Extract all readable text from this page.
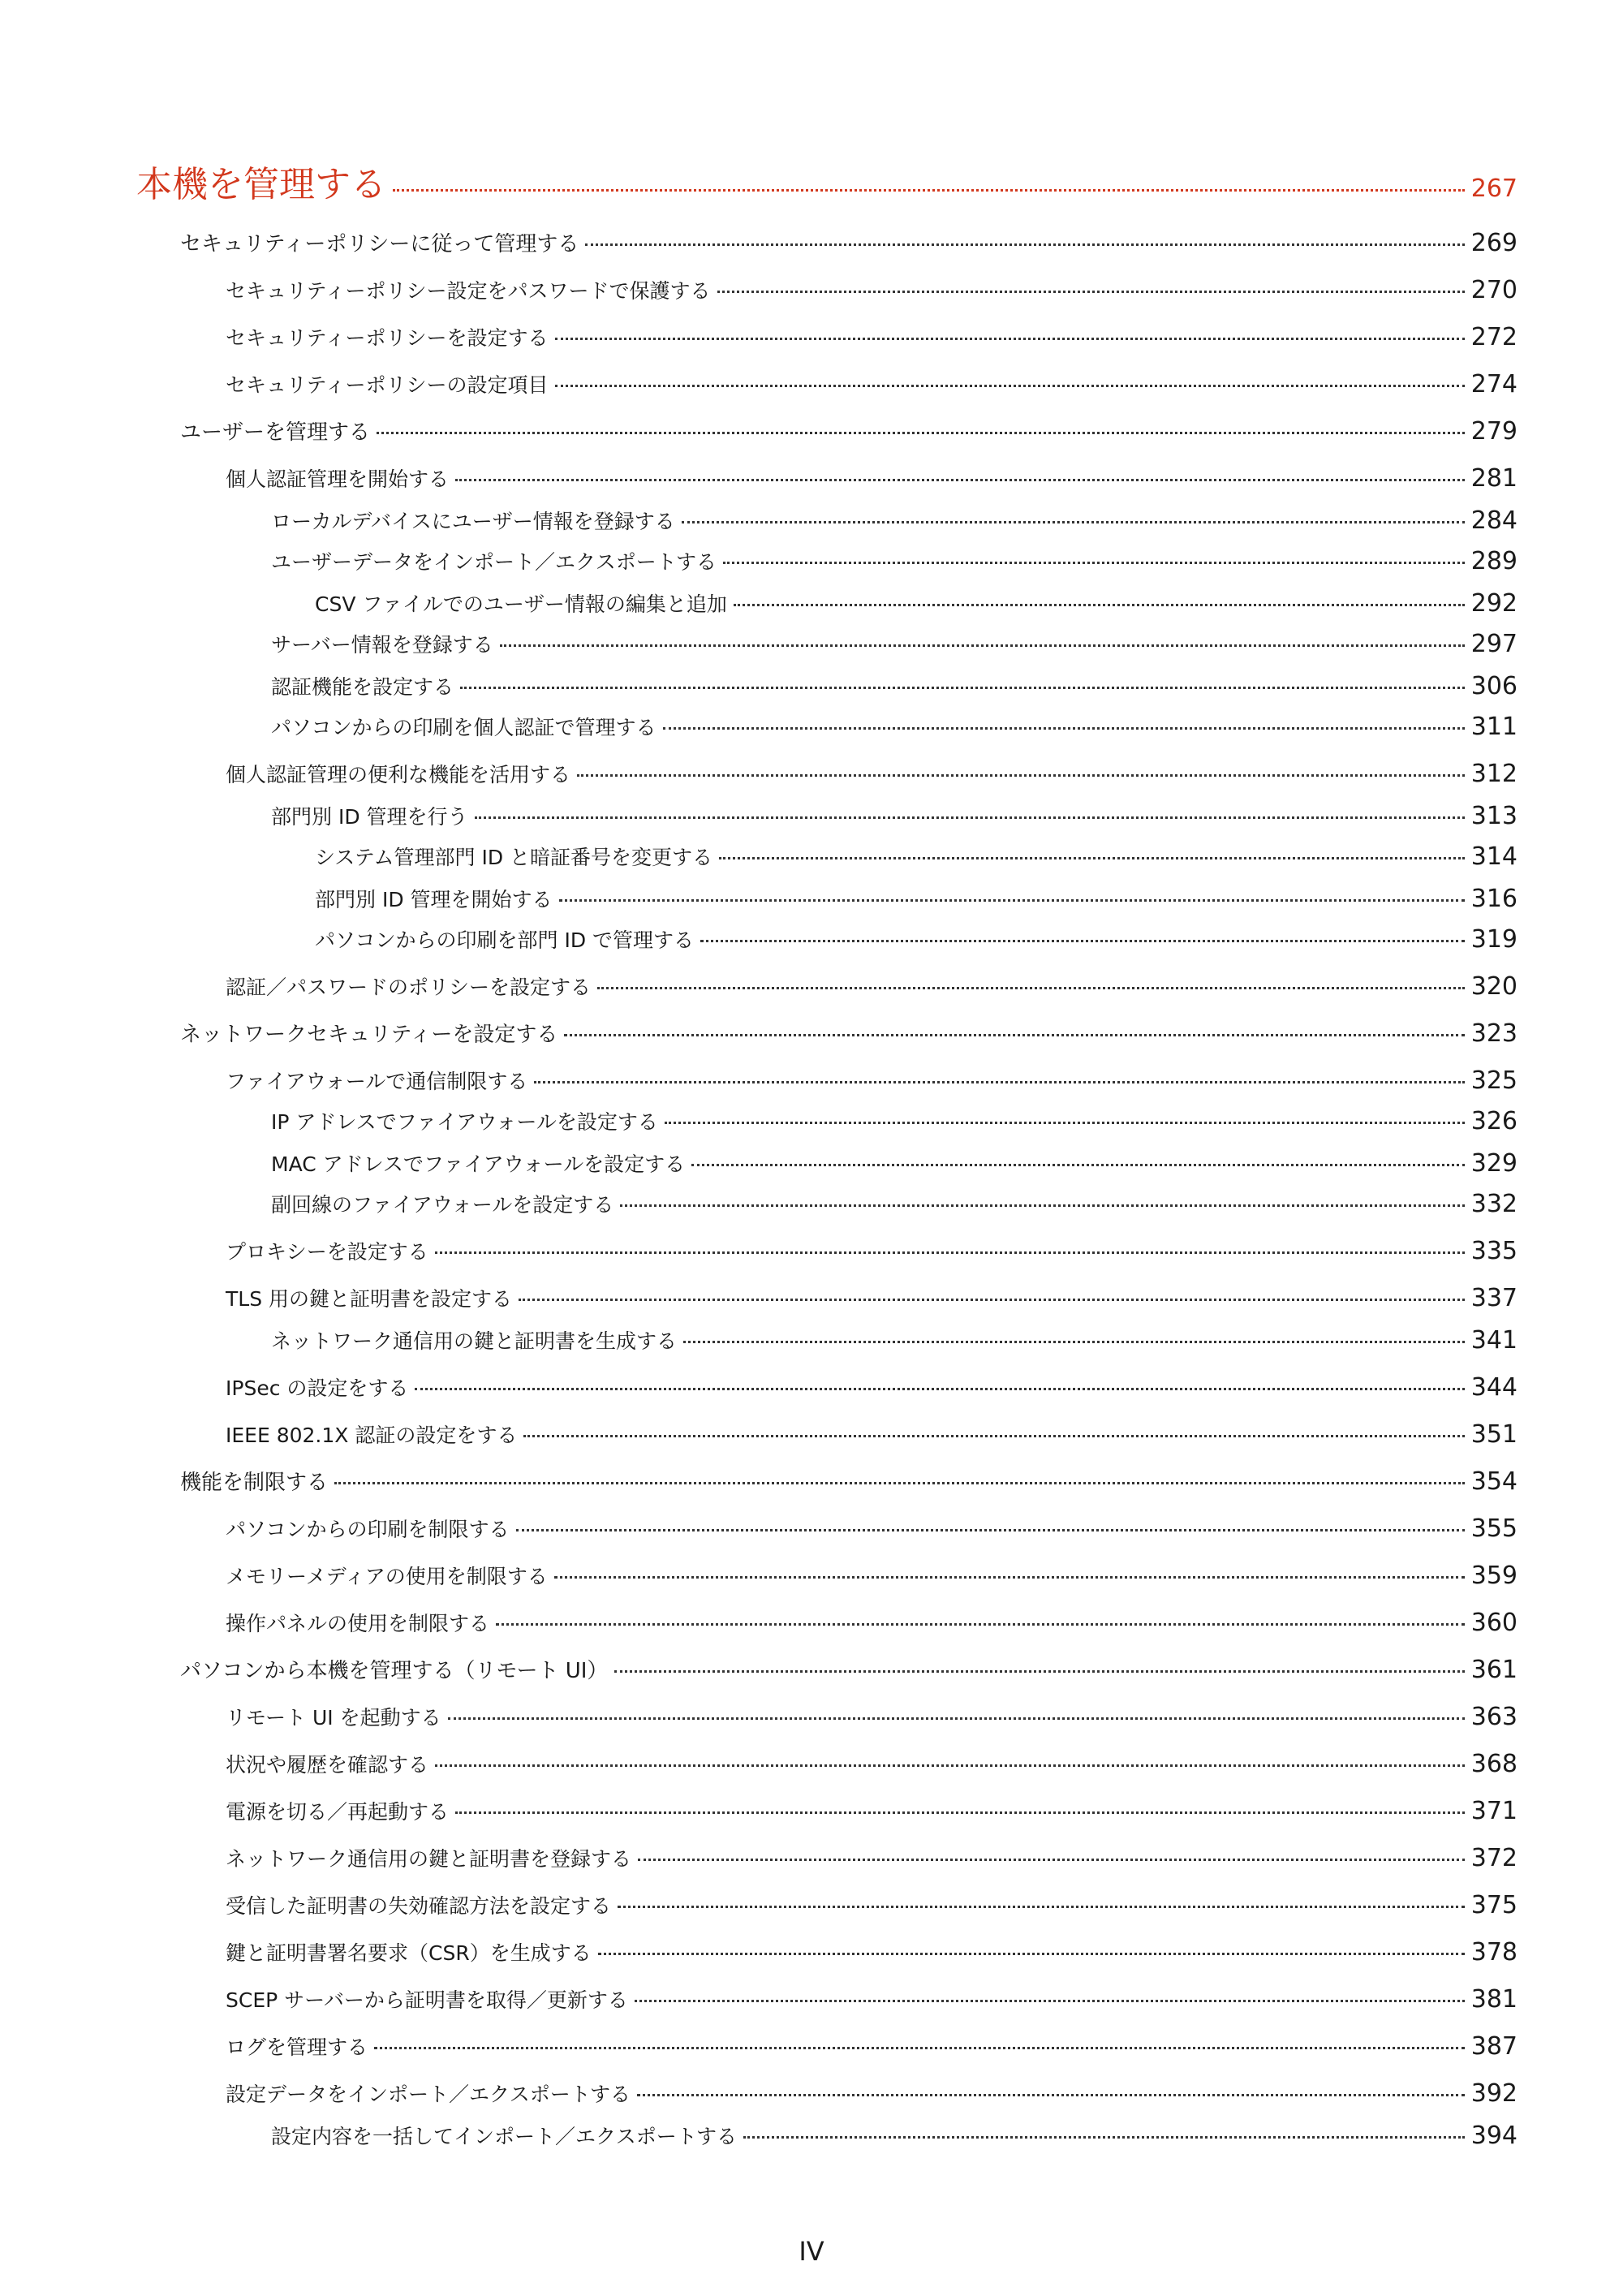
本機を管理する	267
セキュリティーポリシーに従って管理する	269
セキュリティーポリシー設定をパスワードで保護する	270
セキュリティーポリシーを設定する	272
セキュリティーポリシーの設定項目	274
ユーザーを管理する	279
個人認証管理を開始する	281
ローカルデバイスにユーザー情報を登録する	284
ユーザーデータをインポート／エクスポートする	289
CSV ファイルでのユーザー情報の編集と追加	292
サーバー情報を登録する	297
認証機能を設定する	306
パソコンからの印刷を個人認証で管理する	311
個人認証管理の便利な機能を活用する	312
部門別 ID 管理を行う	313
システム管理部門 ID と暗証番号を変更する	314
部門別 ID 管理を開始する	316
パソコンからの印刷を部門 ID で管理する	319
認証／パスワードのポリシーを設定する	320
ネットワークセキュリティーを設定する	323
ファイアウォールで通信制限する	325
IP アドレスでファイアウォールを設定する	326
MAC アドレスでファイアウォールを設定する	329
副回線のファイアウォールを設定する	332
プロキシーを設定する	335
TLS 用の鍵と証明書を設定する	337
ネットワーク通信用の鍵と証明書を生成する	341
IPSec の設定をする	344
IEEE 802.1X 認証の設定をする	351
機能を制限する	354
パソコンからの印刷を制限する	355
メモリーメディアの使用を制限する	359
操作パネルの使用を制限する	360
パソコンから本機を管理する（リモート UI）	361
リモート UI を起動する	363
状況や履歴を確認する	368
電源を切る／再起動する	371
ネットワーク通信用の鍵と証明書を登録する	372
受信した証明書の失効確認方法を設定する	375
鍵と証明書署名要求（CSR）を生成する	378
SCEP サーバーから証明書を取得／更新する	381
ログを管理する	387
設定データをインポート／エクスポートする	392
設定内容を一括してインポート／エクスポートする	394
IV
